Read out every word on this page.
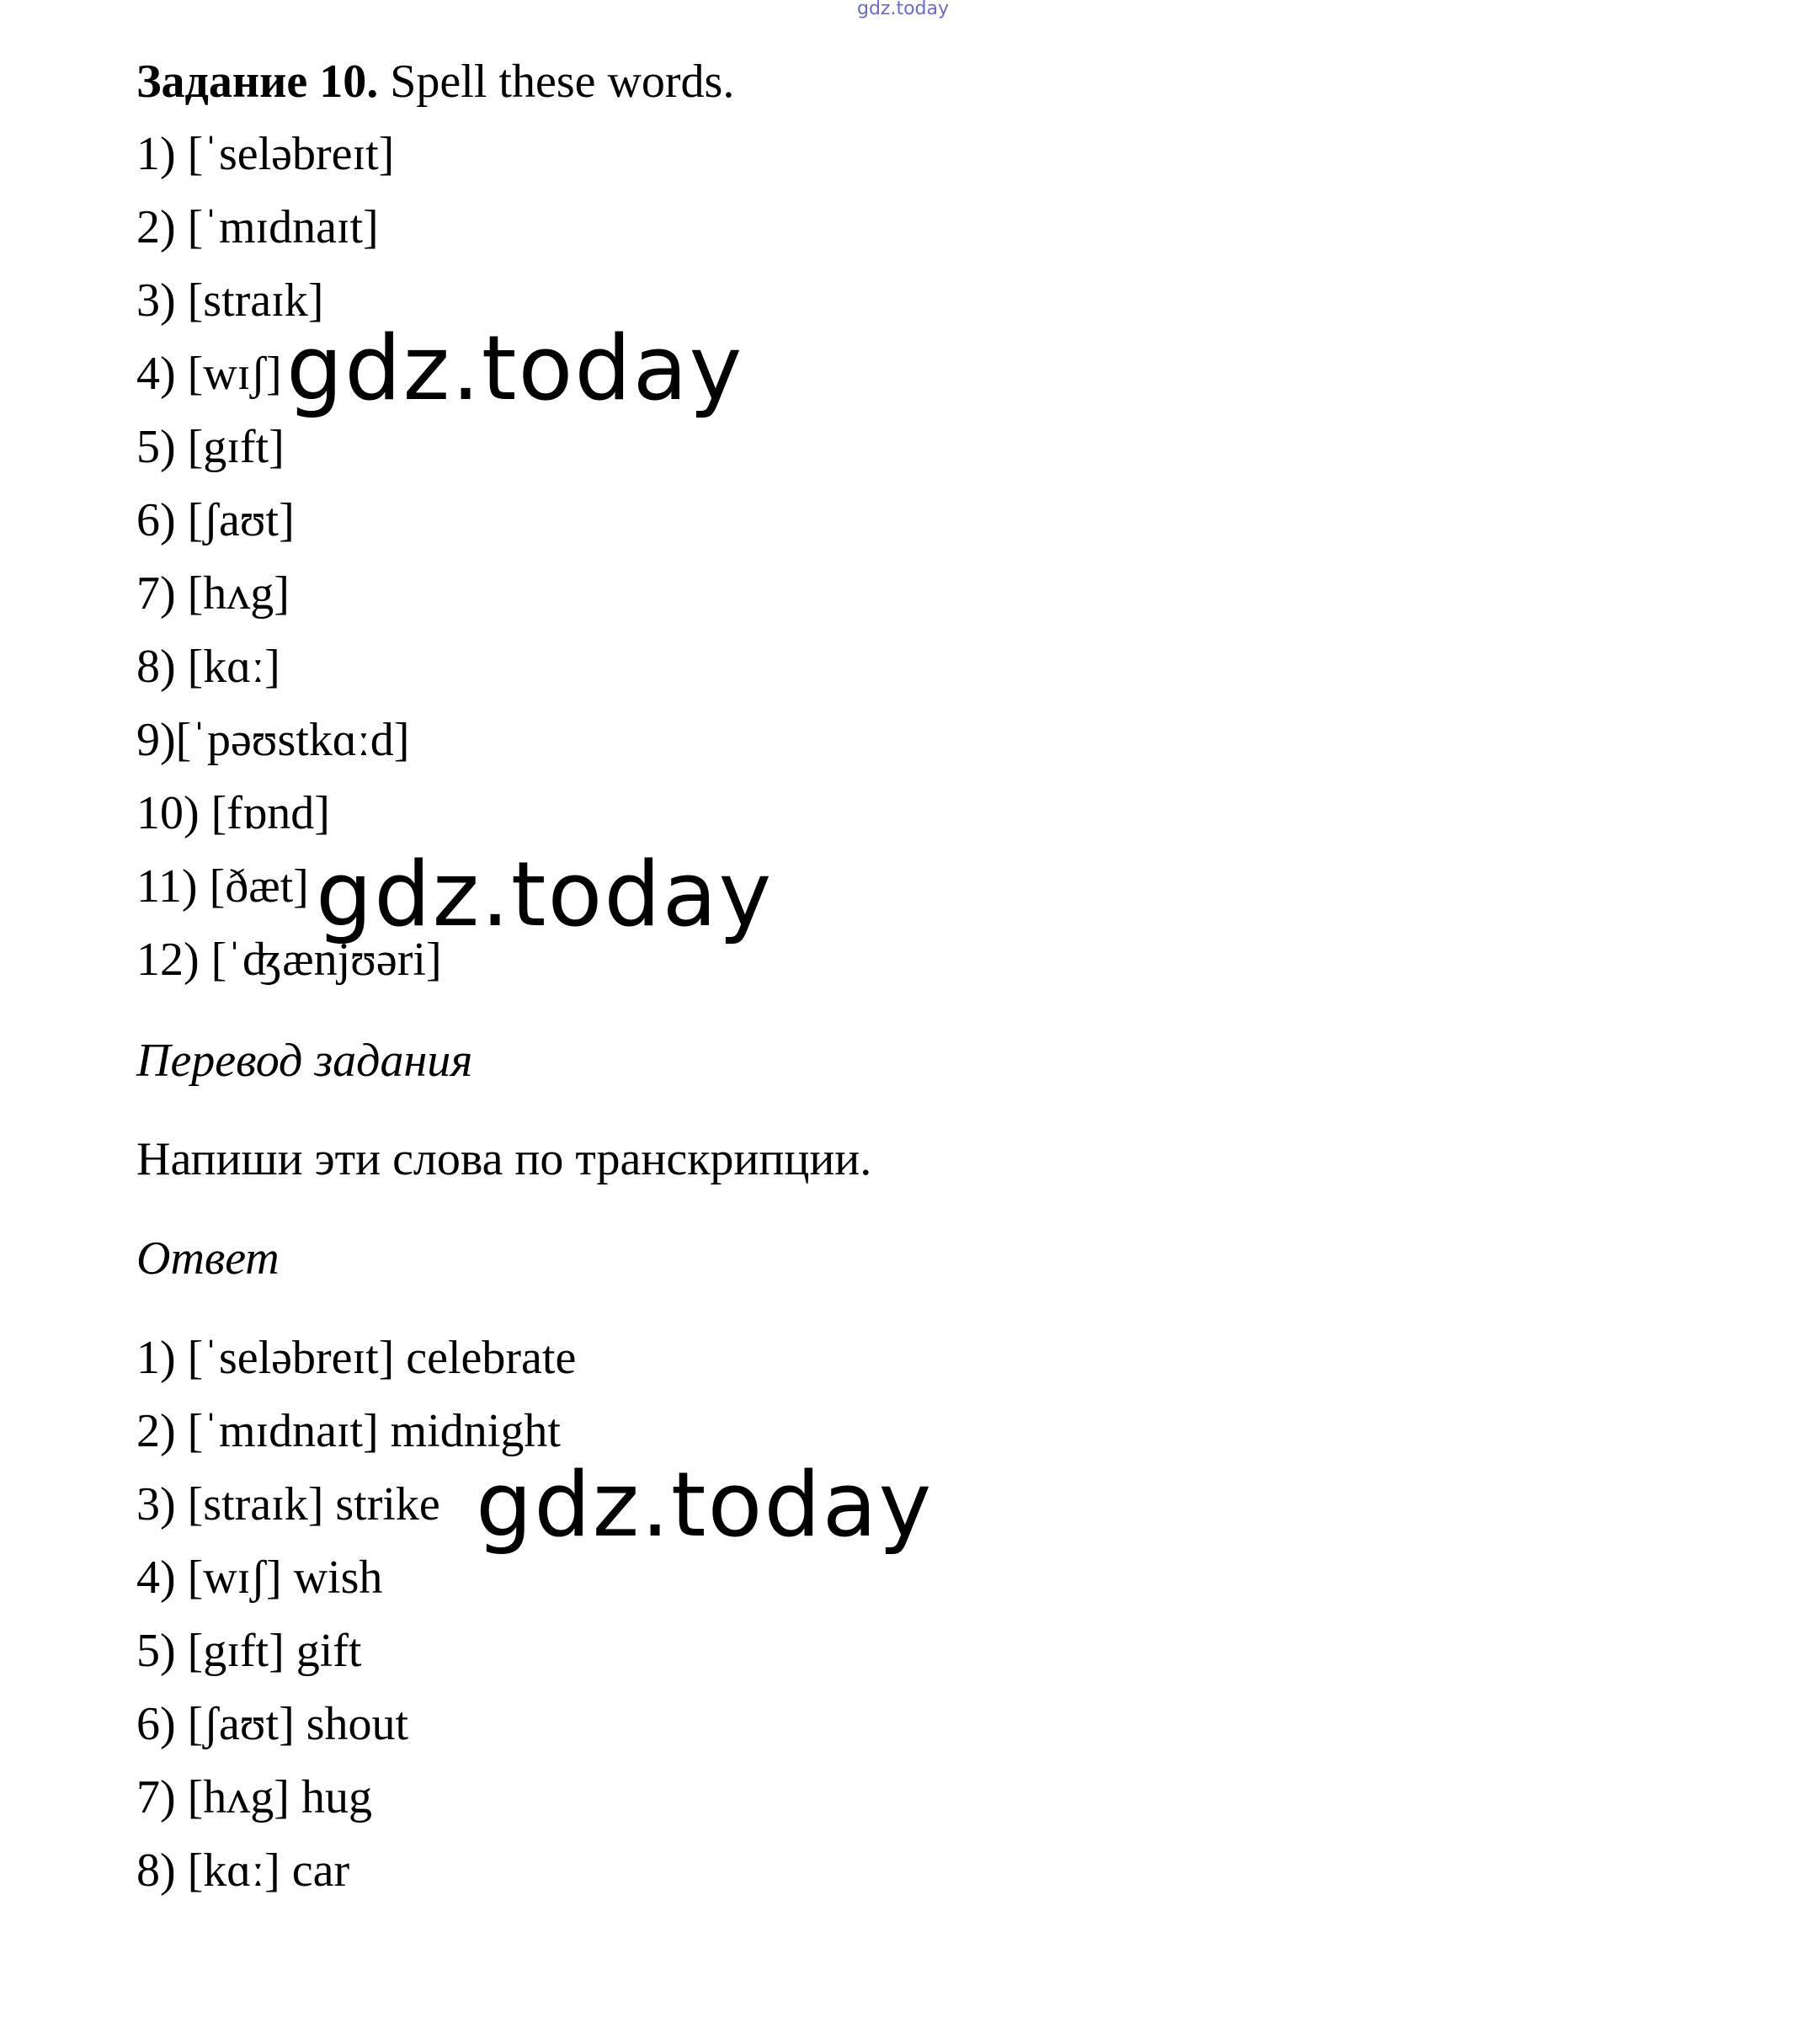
gdz.today
Задание 10. Spell these words.
1) [ˈseləbreɪt]
2) [ˈmɪdnaɪt]
3) [straɪk]
4) [wɪʃ]
5) [gɪft]
6) [ʃaʊt]
7) [hʌg]
8) [kɑː]
9)[ˈpəʊstkɑːd]
10) [fɒnd]
11) [ðæt]
12) [ˈʤænjʊəri]
Перевод задания
Напиши эти слова по транскрипции.
Ответ
1) [ˈseləbreɪt] celebrate
2) [ˈmɪdnaɪt] midnight
3) [straɪk] strike
4) [wɪʃ] wish
5) [gɪft] gift
6) [ʃaʊt] shout
7) [hʌg] hug
8) [kɑː] car
gdz.today
gdz.today
gdz.today
